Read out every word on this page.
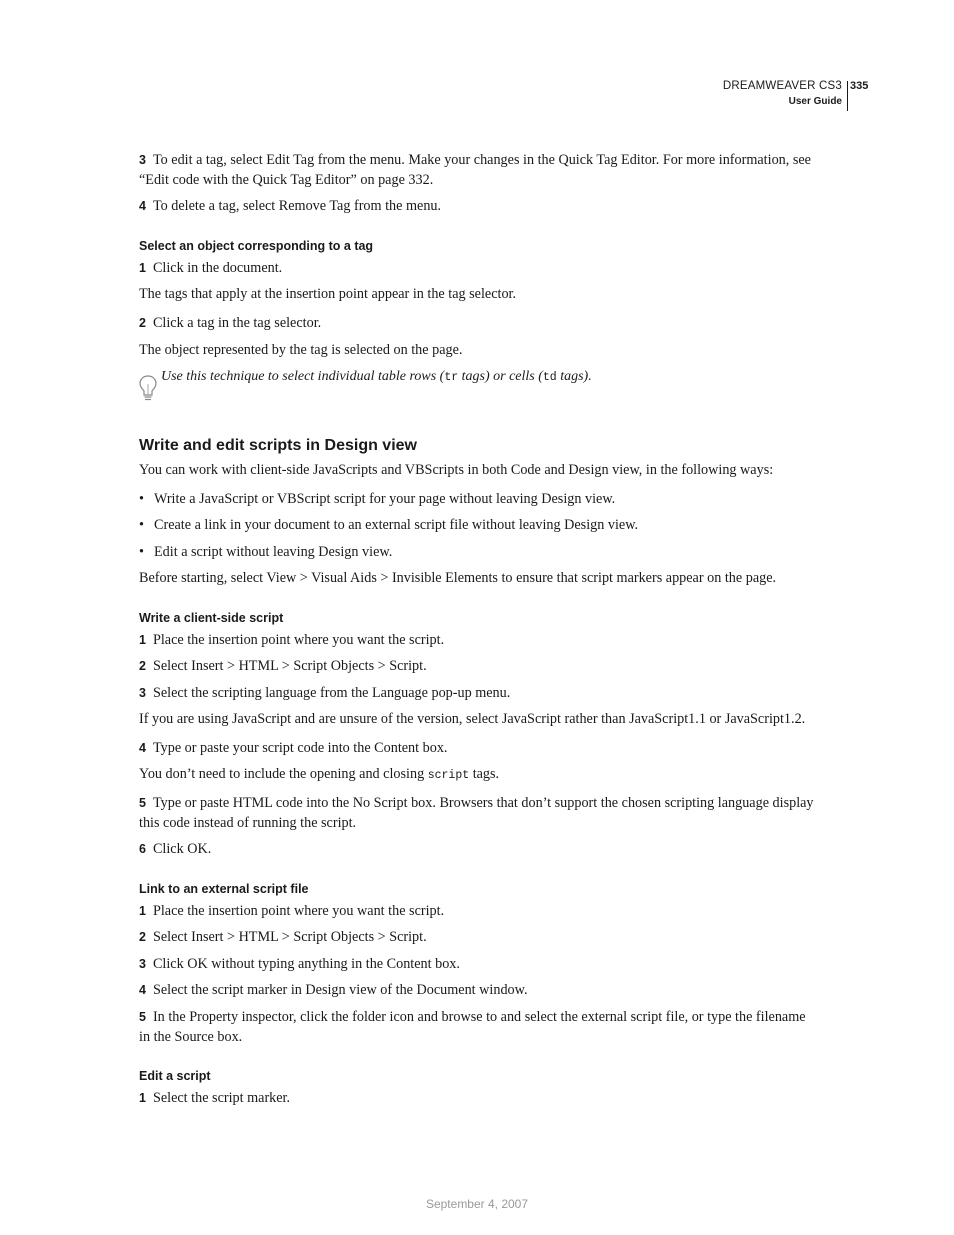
DREAMWEAVER CS3
User Guide
335
3 To edit a tag, select Edit Tag from the menu. Make your changes in the Quick Tag Editor. For more information, see “Edit code with the Quick Tag Editor” on page 332.
4 To delete a tag, select Remove Tag from the menu.
Select an object corresponding to a tag
1 Click in the document.
The tags that apply at the insertion point appear in the tag selector.
2 Click a tag in the tag selector.
The object represented by the tag is selected on the page.
Use this technique to select individual table rows (tr tags) or cells (td tags).
Write and edit scripts in Design view
You can work with client-side JavaScripts and VBScripts in both Code and Design view, in the following ways:
• Write a JavaScript or VBScript script for your page without leaving Design view.
• Create a link in your document to an external script file without leaving Design view.
• Edit a script without leaving Design view.
Before starting, select View > Visual Aids > Invisible Elements to ensure that script markers appear on the page.
Write a client-side script
1 Place the insertion point where you want the script.
2 Select Insert > HTML > Script Objects > Script.
3 Select the scripting language from the Language pop-up menu.
If you are using JavaScript and are unsure of the version, select JavaScript rather than JavaScript1.1 or JavaScript1.2.
4 Type or paste your script code into the Content box.
You don’t need to include the opening and closing script tags.
5 Type or paste HTML code into the No Script box. Browsers that don’t support the chosen scripting language display this code instead of running the script.
6 Click OK.
Link to an external script file
1 Place the insertion point where you want the script.
2 Select Insert > HTML > Script Objects > Script.
3 Click OK without typing anything in the Content box.
4 Select the script marker in Design view of the Document window.
5 In the Property inspector, click the folder icon and browse to and select the external script file, or type the filename in the Source box.
Edit a script
1 Select the script marker.
September 4, 2007
